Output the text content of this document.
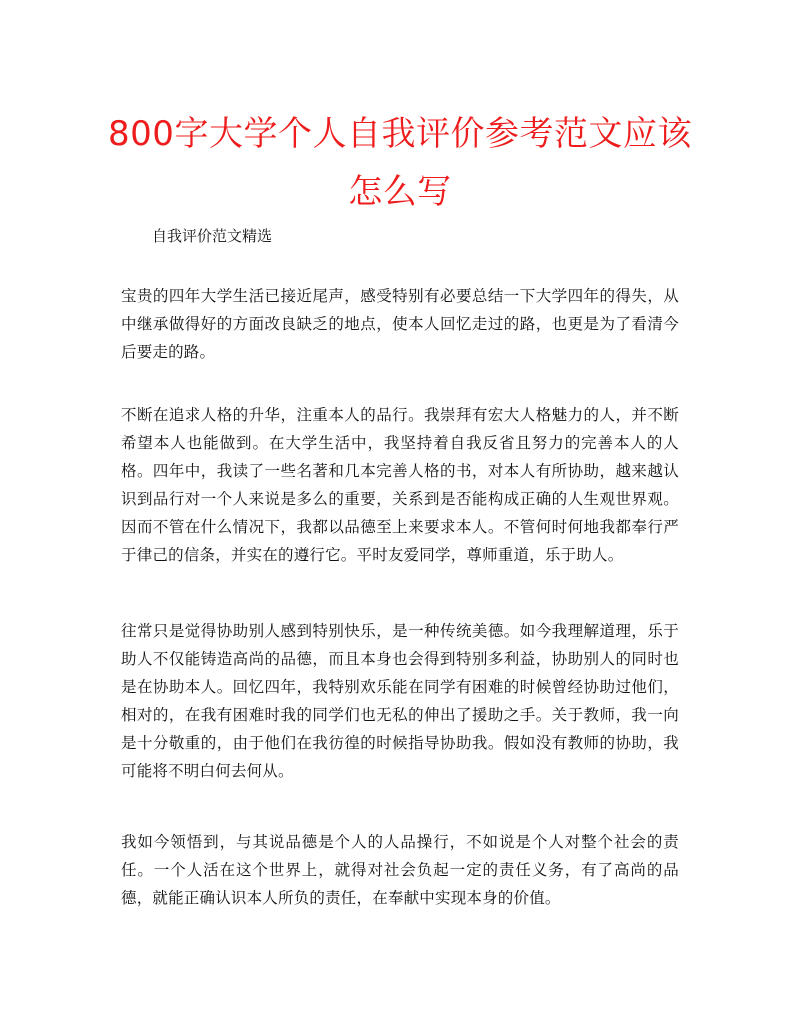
800字大学个人自我评价参考范文应该怎么写

自我评价范文精选

宝贵的四年大学生活已接近尾声，感受特别有必要总结一下大学四年的得失，从中继承做得好的方面改良缺乏的地点，使本人回忆走过的路，也更是为了看清今后要走的路。

不断在追求人格的升华，注重本人的品行。我崇拜有宏大人格魅力的人，并不断希望本人也能做到。在大学生活中，我坚持着自我反省且努力的完善本人的人格。四年中，我读了一些名著和几本完善人格的书，对本人有所协助，越来越认识到品行对一个人来说是多么的重要，关系到是否能构成正确的人生观世界观。因而不管在什么情况下，我都以品德至上来要求本人。不管何时何地我都奉行严于律己的信条，并实在的遵行它。平时友爱同学，尊师重道，乐于助人。

往常只是觉得协助别人感到特别快乐，是一种传统美德。如今我理解道理，乐于助人不仅能铸造高尚的品德，而且本身也会得到特别多利益，协助别人的同时也是在协助本人。回忆四年，我特别欢乐能在同学有困难的时候曾经协助过他们，相对的，在我有困难时我的同学们也无私的伸出了援助之手。关于教师，我一向是十分敬重的，由于他们在我彷徨的时候指导协助我。假如没有教师的协助，我可能将不明白何去何从。

我如今领悟到，与其说品德是个人的人品操行，不如说是个人对整个社会的责任。一个人活在这个世界上，就得对社会负起一定的责任义务，有了高尚的品德，就能正确认识本人所负的责任，在奉献中实现本身的价值。
